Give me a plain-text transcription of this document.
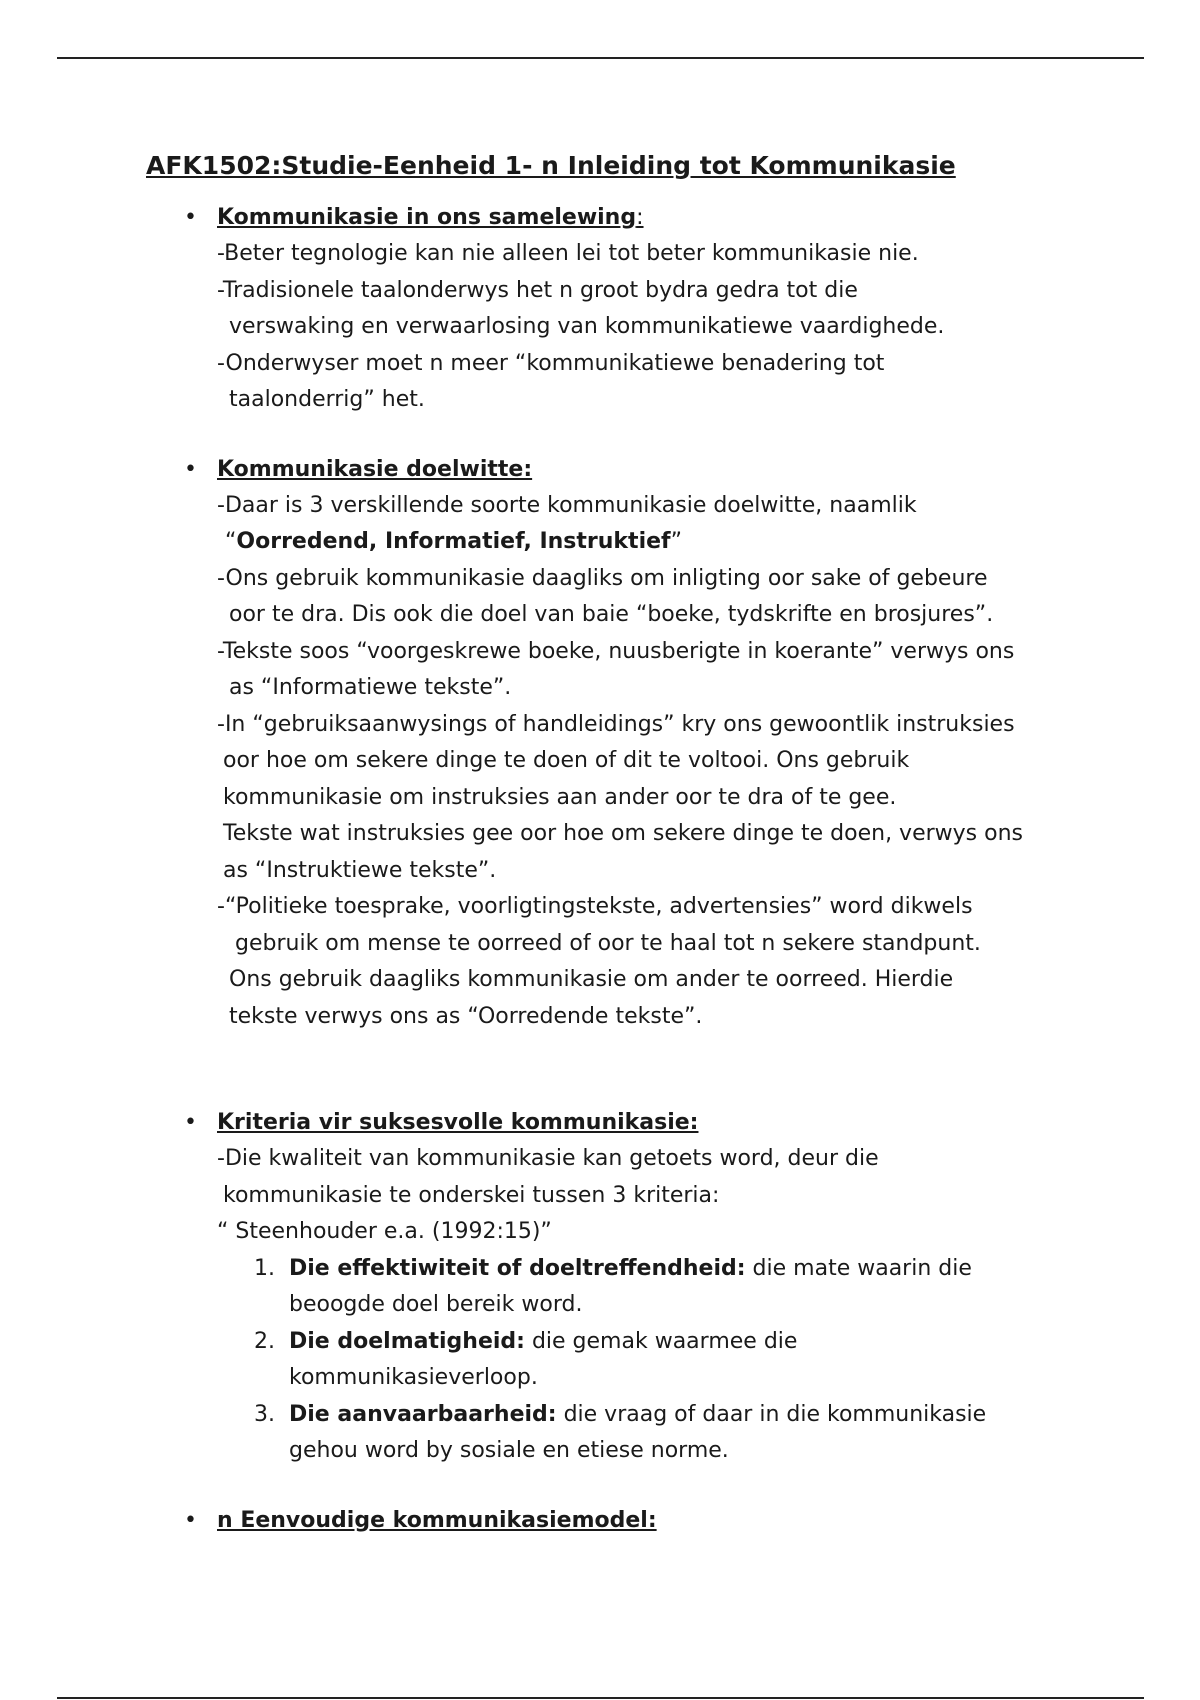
AFK1502:Studie-Eenheid 1- n Inleiding tot Kommunikasie
• Kommunikasie in ons samelewing:
-Beter tegnologie kan nie alleen lei tot beter kommunikasie nie.
-Tradisionele taalonderwys het n groot bydra gedra tot die
verswaking en verwaarlosing van kommunikatiewe vaardighede.
-Onderwyser moet n meer “kommunikatiewe benadering tot
taalonderrig” het.
• Kommunikasie doelwitte:
-Daar is 3 verskillende soorte kommunikasie doelwitte, naamlik
“Oorredend, Informatief, Instruktief”
-Ons gebruik kommunikasie daagliks om inligting oor sake of gebeure
oor te dra. Dis ook die doel van baie “boeke, tydskrifte en brosjures”.
-Tekste soos “voorgeskrewe boeke, nuusberigte in koerante” verwys ons
as “Informatiewe tekste”.
-In “gebruiksaanwysings of handleidings” kry ons gewoontlik instruksies
oor hoe om sekere dinge te doen of dit te voltooi. Ons gebruik
kommunikasie om instruksies aan ander oor te dra of te gee.
Tekste wat instruksies gee oor hoe om sekere dinge te doen, verwys ons
as “Instruktiewe tekste”.
-“Politieke toesprake, voorligtingstekste, advertensies” word dikwels
gebruik om mense te oorreed of oor te haal tot n sekere standpunt.
Ons gebruik daagliks kommunikasie om ander te oorreed. Hierdie
tekste verwys ons as “Oorredende tekste”.
• Kriteria vir suksesvolle kommunikasie:
-Die kwaliteit van kommunikasie kan getoets word, deur die
kommunikasie te onderskei tussen 3 kriteria:
“ Steenhouder e.a. (1992:15)”
1. Die effektiwiteit of doeltreffendheid: die mate waarin die
beoogde doel bereik word.
2. Die doelmatigheid: die gemak waarmee die
kommunikasieverloop.
3. Die aanvaarbaarheid: die vraag of daar in die kommunikasie
gehou word by sosiale en etiese norme.
• n Eenvoudige kommunikasiemodel:
